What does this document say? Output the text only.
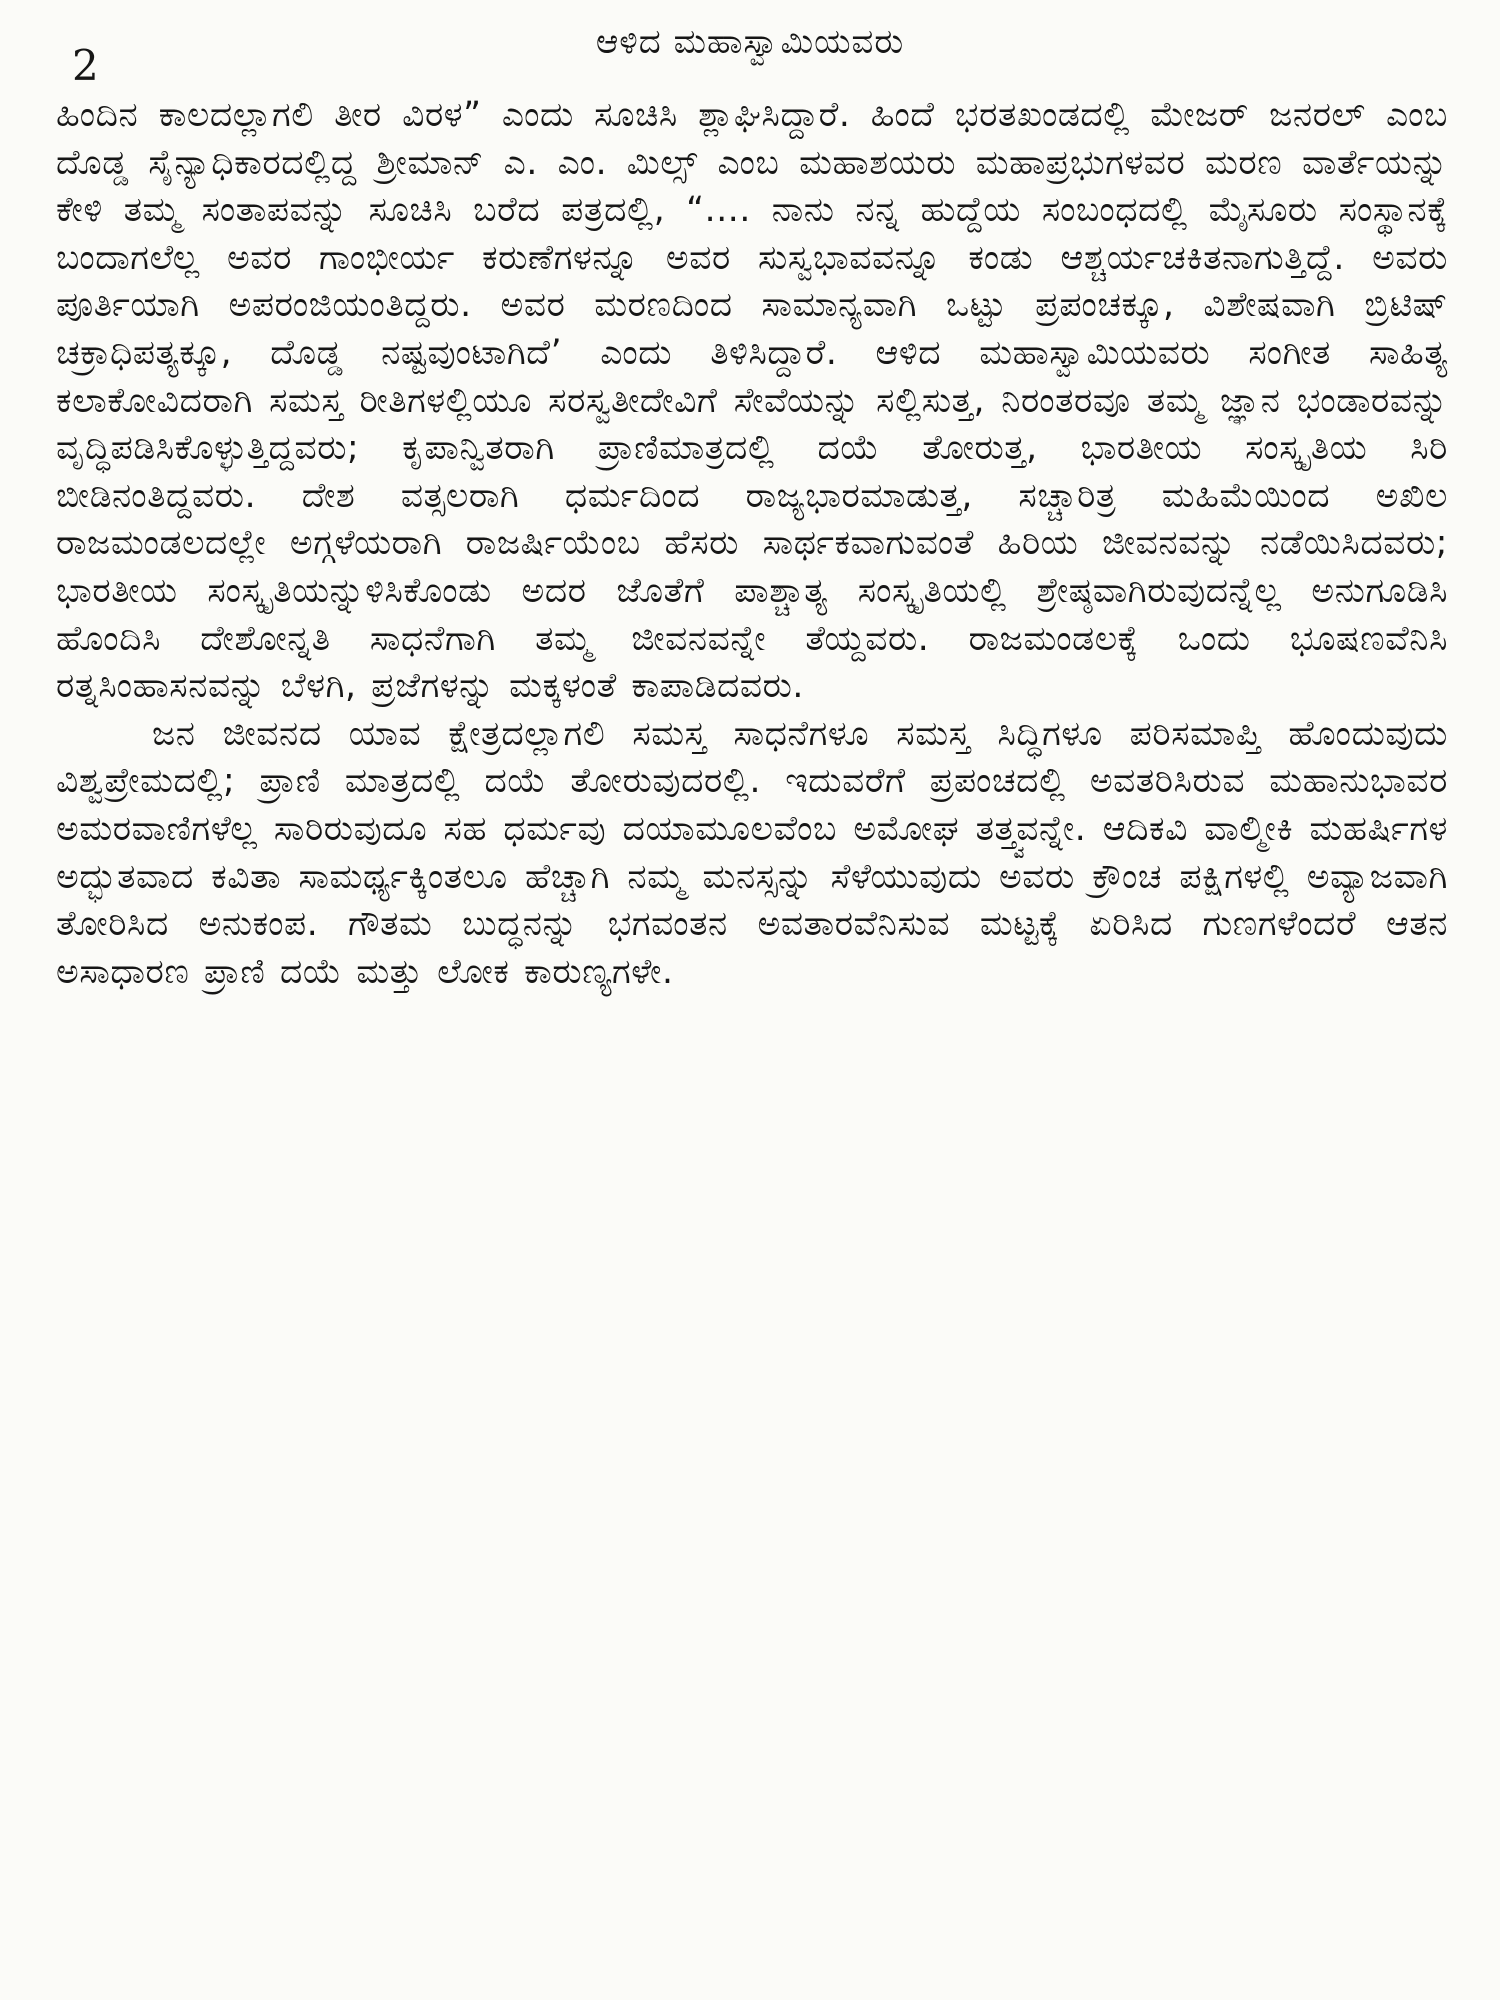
2	ಆಳಿದ ಮಹಾಸ್ವಾಮಿಯವರು

ಹಿಂದಿನ ಕಾಲದಲ್ಲಾಗಲಿ ತೀರ ವಿರಳ” ಎಂದು ಸೂಚಿಸಿ ಶ್ಲಾಘಿಸಿದ್ದಾರೆ. ಹಿಂದೆ ಭರತಖಂಡದಲ್ಲಿ ಮೇಜರ್ ಜನರಲ್ ಎಂಬ ದೊಡ್ಡ ಸೈನ್ಯಾಧಿಕಾರದಲ್ಲಿದ್ದ ಶ್ರೀಮಾನ್ ಎ. ಎಂ. ಮಿಲ್ಸ್ ಎಂಬ ಮಹಾಶಯರು ಮಹಾಪ್ರಭುಗಳವರ ಮರಣ ವಾರ್ತೆಯನ್ನು ಕೇಳಿ ತಮ್ಮ ಸಂತಾಪವನ್ನು ಸೂಚಿಸಿ ಬರೆದ ಪತ್ರದಲ್ಲಿ, “.... ನಾನು ನನ್ನ ಹುದ್ದೆಯ ಸಂಬಂಧದಲ್ಲಿ ಮೈಸೂರು ಸಂಸ್ಥಾನಕ್ಕೆ ಬಂದಾಗಲೆಲ್ಲ ಅವರ ಗಾಂಭೀರ್ಯ ಕರುಣೆಗಳನ್ನೂ ಅವರ ಸುಸ್ವಭಾವವನ್ನೂ ಕಂಡು ಆಶ್ಚರ್ಯಚಕಿತನಾಗುತ್ತಿದ್ದೆ. ಅವರು ಪೂರ್ತಿಯಾಗಿ ಅಪರಂಜಿಯಂತಿದ್ದರು. ಅವರ ಮರಣದಿಂದ ಸಾಮಾನ್ಯವಾಗಿ ಒಟ್ಟು ಪ್ರಪಂಚಕ್ಕೂ, ವಿಶೇಷವಾಗಿ ಬ್ರಿಟಿಷ್ ಚಕ್ರಾಧಿಪತ್ಯಕ್ಕೂ, ದೊಡ್ಡ ನಷ್ಟವುಂಟಾಗಿದೆ’ ಎಂದು ತಿಳಿಸಿದ್ದಾರೆ. ಆಳಿದ ಮಹಾಸ್ವಾಮಿಯವರು ಸಂಗೀತ ಸಾಹಿತ್ಯ ಕಲಾಕೋವಿದರಾಗಿ ಸಮಸ್ತ ರೀತಿಗಳಲ್ಲಿಯೂ ಸರಸ್ವತೀದೇವಿಗೆ ಸೇವೆಯನ್ನು ಸಲ್ಲಿಸುತ್ತ, ನಿರಂತರವೂ ತಮ್ಮ ಜ್ಞಾನ ಭಂಡಾರವನ್ನು ವೃದ್ಧಿಪಡಿಸಿಕೊಳ್ಳುತ್ತಿದ್ದವರು; ಕೃಪಾನ್ವಿತರಾಗಿ ಪ್ರಾಣಿಮಾತ್ರದಲ್ಲಿ ದಯೆ ತೋರುತ್ತ, ಭಾರತೀಯ ಸಂಸ್ಕೃತಿಯ ಸಿರಿ ಬೀಡಿನಂತಿದ್ದವರು. ದೇಶ ವತ್ಸಲರಾಗಿ ಧರ್ಮದಿಂದ ರಾಜ್ಯಭಾರಮಾಡುತ್ತ, ಸಚ್ಚಾರಿತ್ರ ಮಹಿಮೆಯಿಂದ ಅಖಿಲ ರಾಜಮಂಡಲದಲ್ಲೇ ಅಗ್ಗಳೆಯರಾಗಿ ರಾಜರ್ಷಿಯೆಂಬ ಹೆಸರು ಸಾರ್ಥಕವಾಗುವಂತೆ ಹಿರಿಯ ಜೀವನವನ್ನು ನಡೆಯಿಸಿದವರು; ಭಾರತೀಯ ಸಂಸ್ಕೃತಿಯನ್ನುಳಿಸಿಕೊಂಡು ಅದರ ಜೊತೆಗೆ ಪಾಶ್ಚಾತ್ಯ ಸಂಸ್ಕೃತಿಯಲ್ಲಿ ಶ್ರೇಷ್ಠವಾಗಿರುವುದನ್ನೆಲ್ಲ ಅನುಗೂಡಿಸಿ ಹೊಂದಿಸಿ ದೇಶೋನ್ನತಿ ಸಾಧನೆಗಾಗಿ ತಮ್ಮ ಜೀವನವನ್ನೇ ತೆಯ್ದವರು. ರಾಜಮಂಡಲಕ್ಕೆ ಒಂದು ಭೂಷಣವೆನಿಸಿ ರತ್ನಸಿಂಹಾಸನವನ್ನು ಬೆಳಗಿ, ಪ್ರಜೆಗಳನ್ನು ಮಕ್ಕಳಂತೆ ಕಾಪಾಡಿದವರು.

ಜನ ಜೀವನದ ಯಾವ ಕ್ಷೇತ್ರದಲ್ಲಾಗಲಿ ಸಮಸ್ತ ಸಾಧನೆಗಳೂ ಸಮಸ್ತ ಸಿದ್ಧಿಗಳೂ ಪರಿಸಮಾಪ್ತಿ ಹೊಂದುವುದು ವಿಶ್ವಪ್ರೇಮದಲ್ಲಿ; ಪ್ರಾಣಿ ಮಾತ್ರದಲ್ಲಿ ದಯೆ ತೋರುವುದರಲ್ಲಿ. ಇದುವರೆಗೆ ಪ್ರಪಂಚದಲ್ಲಿ ಅವತರಿಸಿರುವ ಮಹಾನುಭಾವರ ಅಮರವಾಣಿಗಳೆಲ್ಲ ಸಾರಿರುವುದೂ ಸಹ ಧರ್ಮವು ದಯಾಮೂಲವೆಂಬ ಅಮೋಘ ತತ್ತ್ವವನ್ನೇ. ಆದಿಕವಿ ವಾಲ್ಮೀಕಿ ಮಹರ್ಷಿಗಳ ಅದ್ಭುತವಾದ ಕವಿತಾ ಸಾಮರ್ಥ್ಯಕ್ಕಿಂತಲೂ ಹೆಚ್ಚಾಗಿ ನಮ್ಮ ಮನಸ್ಸನ್ನು ಸೆಳೆಯುವುದು ಅವರು ಕ್ರೌಂಚ ಪಕ್ಷಿಗಳಲ್ಲಿ ಅವ್ಯಾಜವಾಗಿ ತೋರಿಸಿದ ಅನುಕಂಪ. ಗೌತಮ ಬುದ್ಧನನ್ನು ಭಗವಂತನ ಅವತಾರವೆನಿಸುವ ಮಟ್ಟಕ್ಕೆ ಏರಿಸಿದ ಗುಣಗಳೆಂದರೆ ಆತನ ಅಸಾಧಾರಣ ಪ್ರಾಣಿ ದಯೆ ಮತ್ತು ಲೋಕ ಕಾರುಣ್ಯಗಳೇ.
